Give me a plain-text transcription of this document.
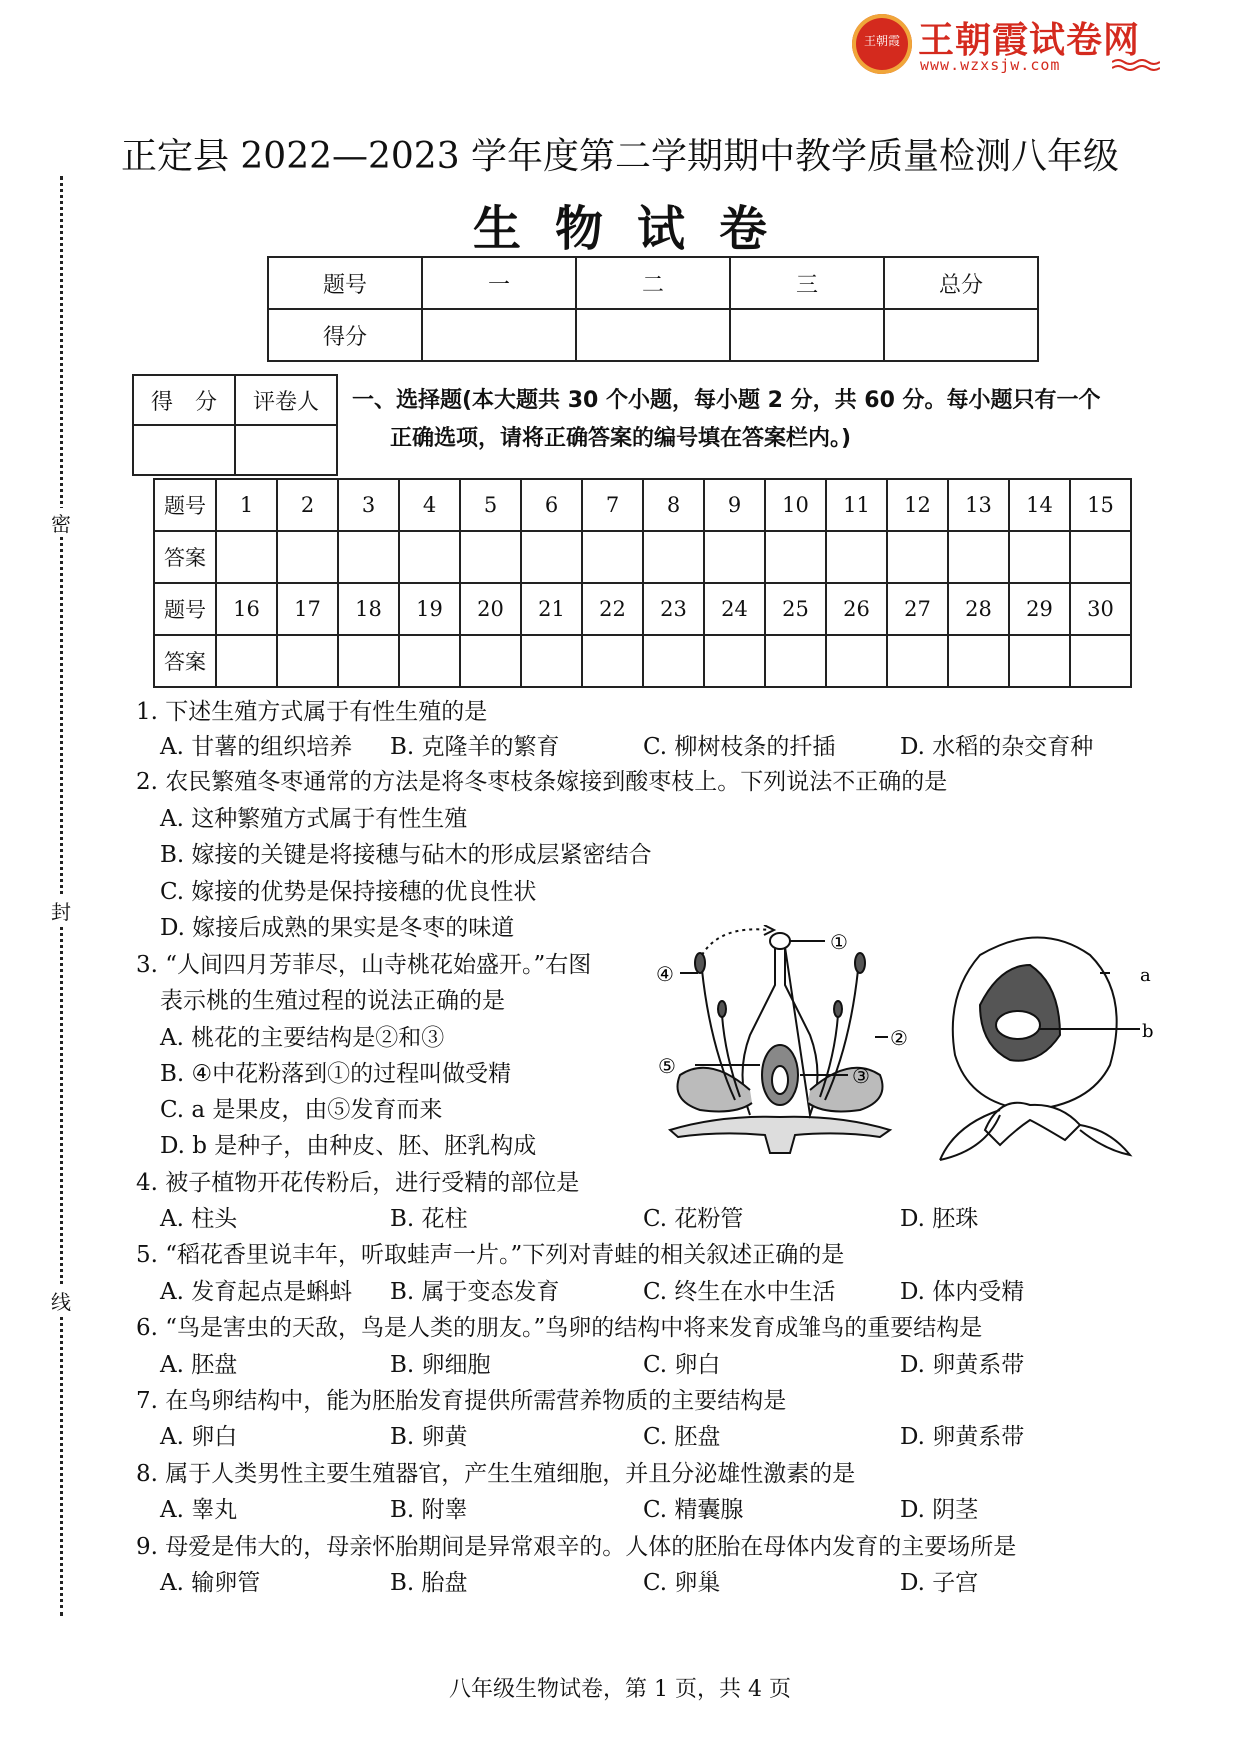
王朝霞 王朝霞试卷网
www.wzxsjw.com
正定县 2022—2023 学年度第二学期期中教学质量检测八年级
生物试卷
密
封
线
题号	一	二	三	总分
得分				
得　分	评卷人
	一、选择题(本大题共 30 个小题，每小题 2 分，共 60 分。每小题只有一个
正确选项，请将正确答案的编号填在答案栏内。)
题号	1	2	3	4	5	6	7	8	9	10	11	12	13	14	15
答案															
题号	16	17	18	19	20	21	22	23	24	25	26	27	28	29	30
答案															
1. 下述生殖方式属于有性生殖的是
A. 甘薯的组织培养 B. 克隆羊的繁育	C. 柳树枝条的扦插	D. 水稻的杂交育种
2. 农民繁殖冬枣通常的方法是将冬枣枝条嫁接到酸枣枝上。下列说法不正确的是
A. 这种繁殖方式属于有性生殖
B. 嫁接的关键是将接穗与砧木的形成层紧密结合
C. 嫁接的优势是保持接穗的优良性状
D. 嫁接后成熟的果实是冬枣的味道
3. “人间四月芳菲尽，山寺桃花始盛开。”右图
表示桃的生殖过程的说法正确的是
A. 桃花的主要结构是②和③
B. ④中花粉落到①的过程叫做受精
C. a 是果皮，由⑤发育而来
D. b 是种子，由种皮、胚、胚乳构成
4. 被子植物开花传粉后，进行受精的部位是
A. 柱头	B. 花柱	C. 花粉管	D. 胚珠
5. “稻花香里说丰年，听取蛙声一片。”下列对青蛙的相关叙述正确的是
A. 发育起点是蝌蚪 B. 属于变态发育	C. 终生在水中生活	D. 体内受精
6. “鸟是害虫的天敌，鸟是人类的朋友。”鸟卵的结构中将来发育成雏鸟的重要结构是
A. 胚盘	B. 卵细胞	C. 卵白	D. 卵黄系带
7. 在鸟卵结构中，能为胚胎发育提供所需营养物质的主要结构是
A. 卵白	B. 卵黄	C. 胚盘	D. 卵黄系带
8. 属于人类男性主要生殖器官，产生生殖细胞，并且分泌雄性激素的是
A. 睾丸	B. 附睾	C. 精囊腺	D. 阴茎
9. 母爱是伟大的，母亲怀胎期间是异常艰辛的。人体的胚胎在母体内发育的主要场所是
A. 输卵管	B. 胎盘	C. 卵巢	D. 子宫
①
②
③
④
⑤
a
b
八年级生物试卷，第 1 页，共 4 页
